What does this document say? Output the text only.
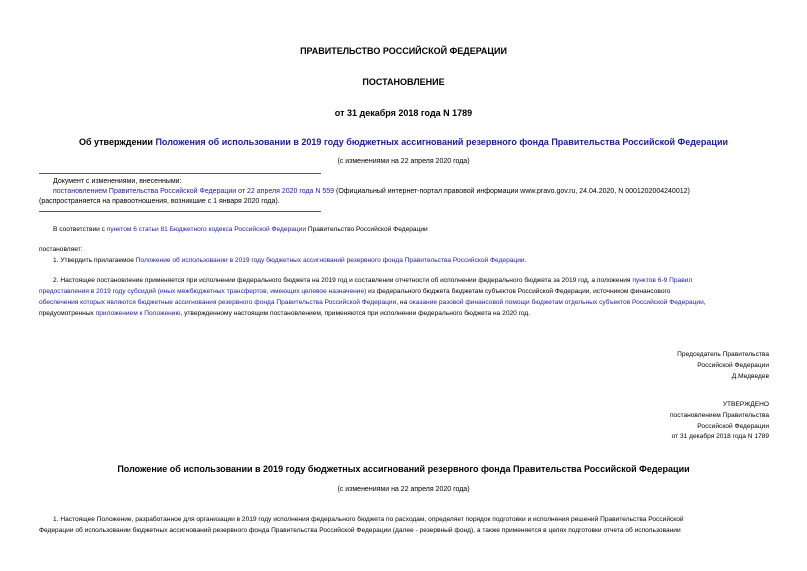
ПРАВИТЕЛЬСТВО РОССИЙСКОЙ ФЕДЕРАЦИИ
ПОСТАНОВЛЕНИЕ
от 31 декабря 2018 года N 1789
Об утверждении Положения об использовании в 2019 году бюджетных ассигнований резервного фонда Правительства Российской Федерации
(с изменениями на 22 апреля 2020 года)
Документ с изменениями, внесенными:
постановлением Правительства Российской Федерации от 22 апреля 2020 года N 559 (Официальный интернет-портал правовой информации www.pravo.gov.ru, 24.04.2020, N 0001202004240012)
(распространяется на правоотношения, возникшие с 1 января 2020 года).
В соответствии с пунктом 6 статьи 81 Бюджетного кодекса Российской Федерации Правительство Российской Федерации
постановляет:
1. Утвердить прилагаемое Положение об использовании в 2019 году бюджетных ассигнований резервного фонда Правительства Российской Федерации.
2. Настоящее постановление применяется при исполнении федерального бюджета на 2019 год и составлении отчетности об исполнении федерального бюджета за 2019 год, а положения пунктов 6-9 Правил
предоставления в 2019 году субсидий (иных межбюджетных трансфертов, имеющих целевое назначение) из федерального бюджета бюджетам субъектов Российской Федерации, источником финансового
обеспечения которых являются бюджетные ассигнования резервного фонда Правительства Российской Федерации, на оказание разовой финансовой помощи бюджетам отдельных субъектов Российской Федерации,
предусмотренных приложением к Положению, утвержденному настоящим постановлением, применяются при исполнении федерального бюджета на 2020 год.
Председатель Правительства
Российской Федерации
Д.Медведев
УТВЕРЖДЕНО
постановлением Правительства
Российской Федерации
от 31 декабря 2018 года N 1789
Положение об использовании в 2019 году бюджетных ассигнований резервного фонда Правительства Российской Федерации
(с изменениями на 22 апреля 2020 года)
1. Настоящее Положение, разработанное для организации в 2019 году исполнения федерального бюджета по расходам, определяет порядок подготовки и исполнения решений Правительства Российской
Федерации об использовании бюджетных ассигнований резервного фонда Правительства Российской Федерации (далее - резервный фонд), а также применяется в целях подготовки отчета об использовании
